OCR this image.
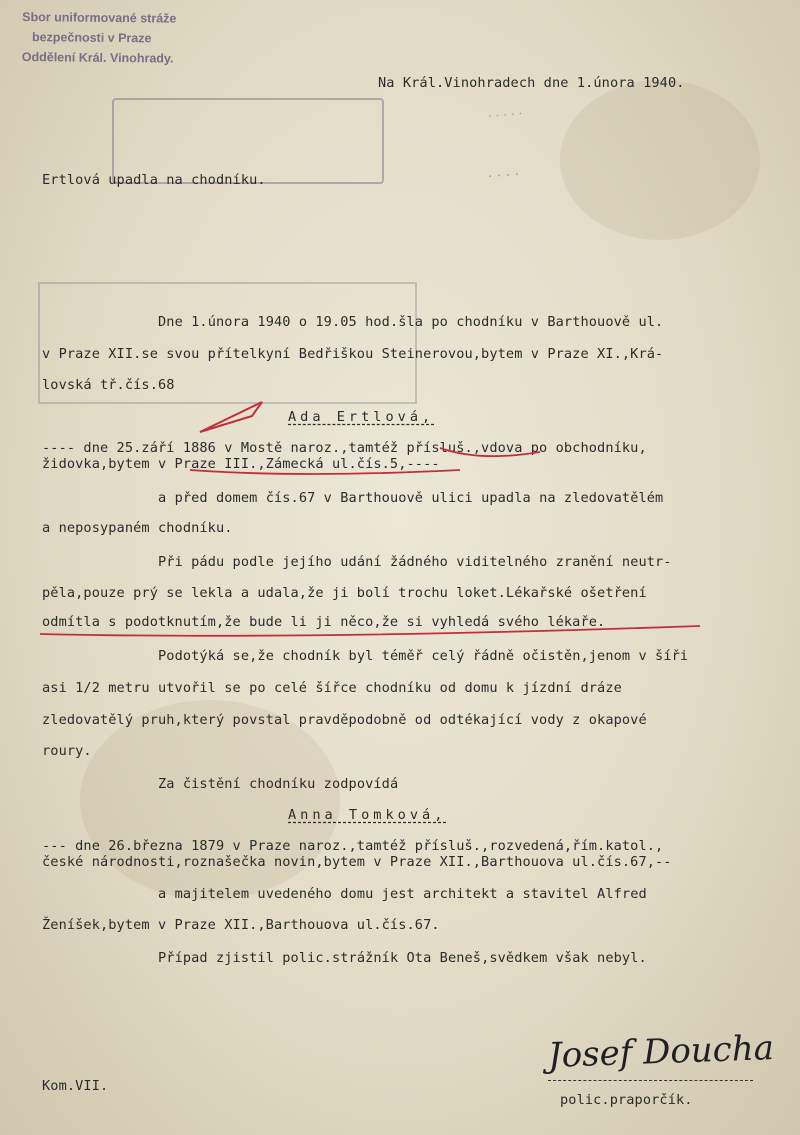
Sbor uniformované stráže
bezpečnosti v Praze
Oddělení Král. Vinohrady.
· · · · ·
· · · ·
Na Král.Vinohradech dne 1.února 1940.
Ertlová upadla na chodníku.
Dne 1.února 1940 o 19.05 hod.šla po chodníku v Barthouově ul.
v Praze XII.se svou přítelkyní Bedřiškou Steinerovou,bytem v Praze XI.,Krá-
lovská tř.čís.68
Ada Ertlová,
---- dne 25.září 1886 v Mostě naroz.,tamtéž přísluš.,vdova po obchodníku,
židovka,bytem v Praze III.,Zámecká ul.čís.5,----
a před domem čís.67 v Barthouově ulici upadla na zledovatělém
a neposypaném chodníku.
Při pádu podle jejího udání žádného viditelného zranění neutr-
pěla,pouze prý se lekla a udala,že ji bolí trochu loket.Lékařské ošetření
odmítla s podotknutím,že bude li ji něco,že si vyhledá svého lékaře.
Podotýká se,že chodník byl téměř celý řádně očistěn,jenom v šíři
asi 1/2 metru utvořil se po celé šířce chodníku od domu k jízdní dráze
zledovatělý pruh,který povstal pravděpodobně od odtékající vody z okapové
roury.
Za čistění chodníku zodpovídá
Anna Tomková,
--- dne 26.března 1879 v Praze naroz.,tamtéž přísluš.,rozvedená,řím.katol.,
české národnosti,roznašečka novin,bytem v Praze XII.,Barthouova ul.čís.67,--
a majitelem uvedeného domu jest architekt a stavitel Alfred
Ženíšek,bytem v Praze XII.,Barthouova ul.čís.67.
Případ zjistil polic.strážník Ota Beneš,svědkem však nebyl.
Josef Doucha
Kom.VII.
polic.praporčík.
